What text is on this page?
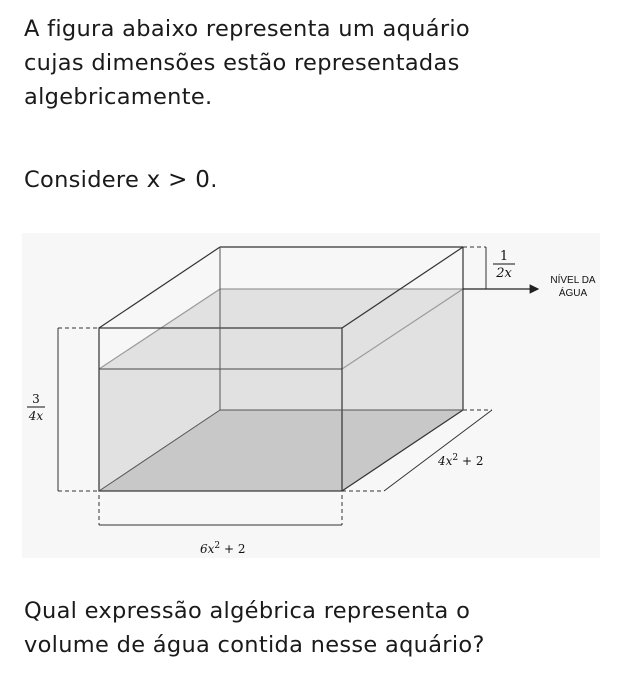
A figura abaixo representa um aquário
cujas dimensões estão representadas
algebricamente.

Considere x > 0.

1
2x	NÍVEL DA
ÁGUA
3
4x
$4x^2 + 2$
$6x^2 + 2$

Qual expressão algébrica representa o
volume de água contida nesse aquário?
